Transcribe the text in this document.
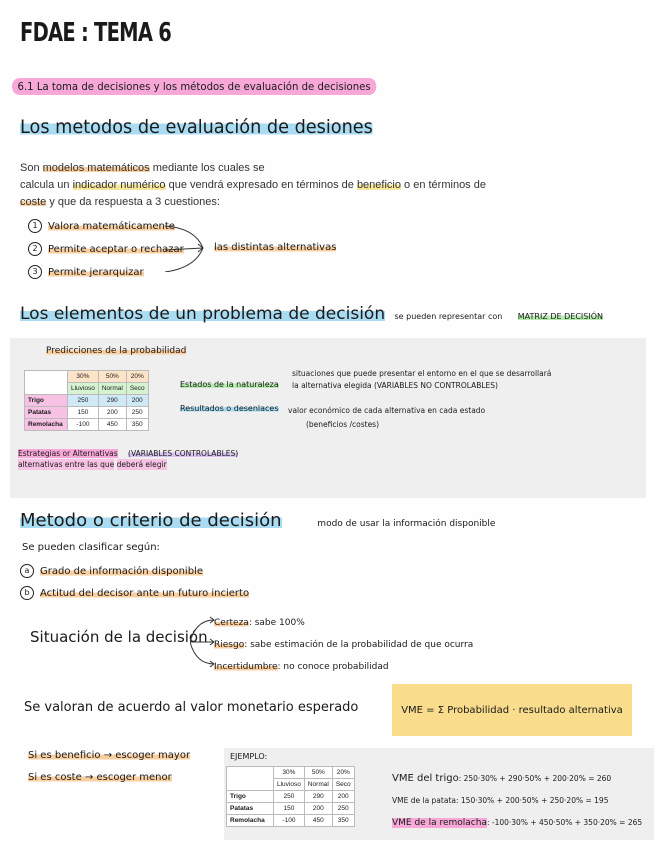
FDAE : TEMA 6
6.1 La toma de decisiones y los métodos de evaluación de decisiones
Los metodos de evaluación de desiones
Son modelos matemáticos mediante los cuales se
calcula un indicador numérico que vendrá expresado en términos de beneficio o en términos de
coste y que da respuesta a 3 cuestiones:
1 Valora matemáticamente
2 Permite aceptar o rechazar
3 Permite jerarquizar
las distintas alternativas
Los elementos de un problema de decisión se pueden representar con MATRIZ DE DECISIÓN
Predicciones de la probabilidad
	30%	50%	20%
	Lluvioso	Normal	Seco
Trigo	250	290	200
Patatas	150	200	250
Remolacha	-100	450	350
Estados de la naturaleza
situaciones que puede presentar el entorno en el que se desarrollará
la alternativa elegida (VARIABLES NO CONTROLABLES)
Resultados o desenlaces valor económico de cada alternativa en cada estado
(beneficios /costes)
Estrategias or Alternativas (VARIABLES CONTROLABLES)
alternativas entre las que deberá elegir
Metodo o criterio de decisión	modo de usar la información disponible
Se pueden clasificar según:
a Grado de información disponible
b Actitud del decisor ante un futuro incierto
Situación de la decisión
Certeza: sabe 100%
Riesgo: sabe estimación de la probabilidad de que ocurra
Incertidumbre: no conoce probabilidad
Se valoran de acuerdo al valor monetario esperado	VME = Σ Probabilidad · resultado alternativa
Si es beneficio → escoger mayor
Si es coste → escoger menor
EJEMPLO:
	30%	50%	20%
	Lluvioso	Normal	Seco
Trigo	250	290	200
Patatas	150	200	250
Remolacha	-100	450	350
VME del trigo: 250·30% + 290·50% + 200·20% = 260
VME de la patata: 150·30% + 200·50% + 250·20% = 195
VME de la remolacha: -100·30% + 450·50% + 350·20% = 265
